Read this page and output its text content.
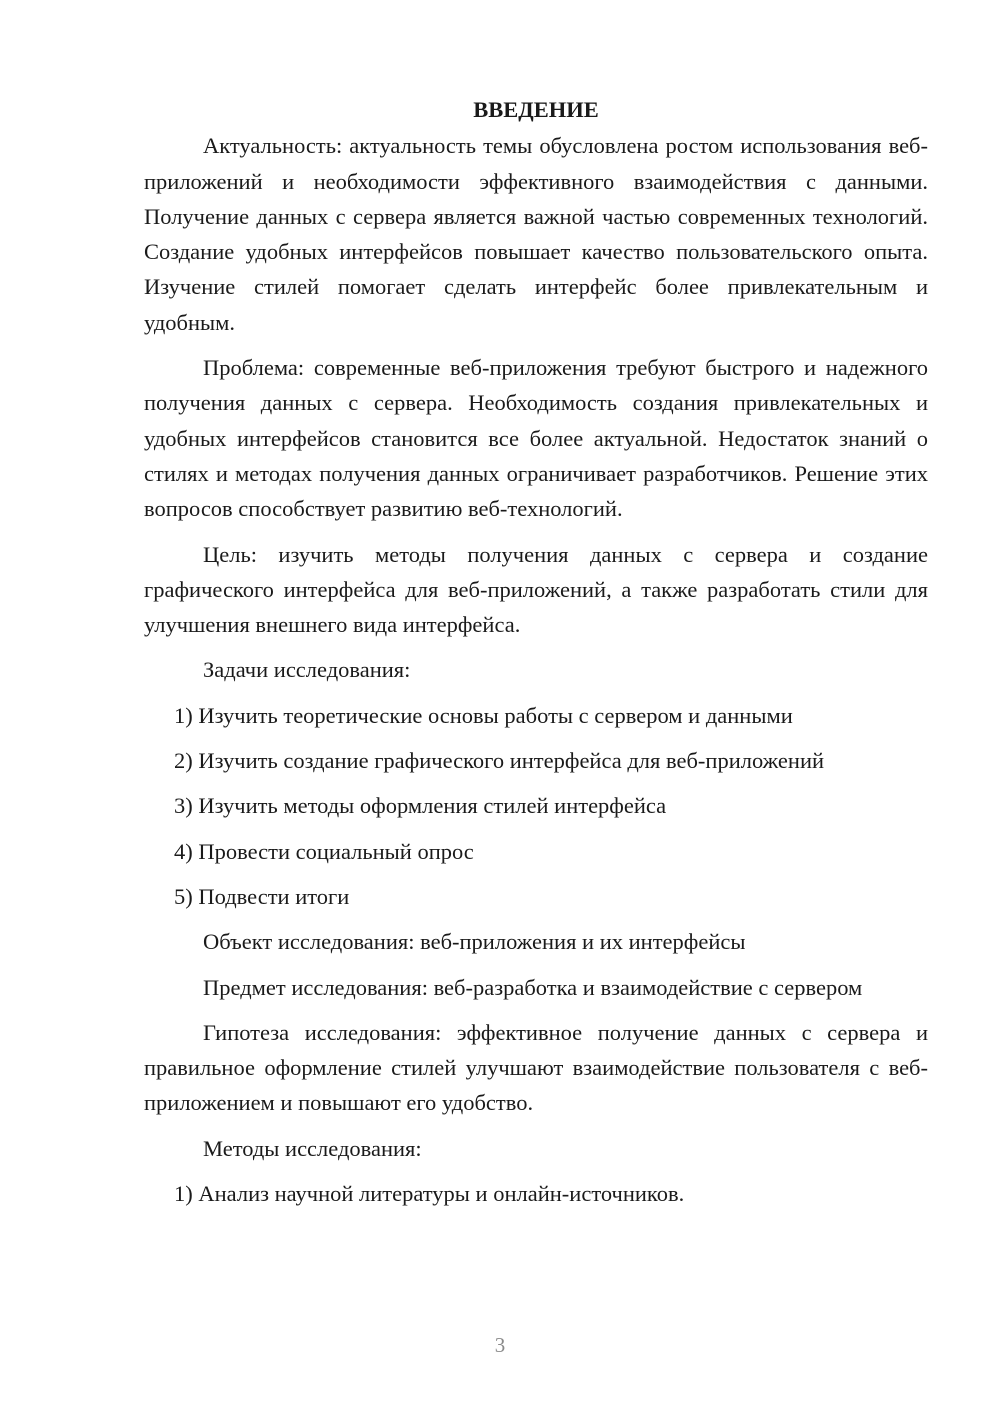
ВВЕДЕНИЕ

Актуальность: актуальность темы обусловлена ростом использования веб-приложений и необходимости эффективного взаимодействия с данными. Получение данных с сервера является важной частью современных технологий. Создание удобных интерфейсов повышает качество пользовательского опыта. Изучение стилей помогает сделать интерфейс более привлекательным и удобным.

Проблема: современные веб-приложения требуют быстрого и надежного получения данных с сервера. Необходимость создания привлекательных и удобных интерфейсов становится все более актуальной. Недостаток знаний о стилях и методах получения данных ограничивает разработчиков. Решение этих вопросов способствует развитию веб-технологий.

Цель: изучить методы получения данных с сервера и создание графического интерфейса для веб-приложений, а также разработать стили для улучшения внешнего вида интерфейса.

Задачи исследования:
1) Изучить теоретические основы работы с сервером и данными
2) Изучить создание графического интерфейса для веб-приложений
3) Изучить методы оформления стилей интерфейса
4) Провести социальный опрос
5) Подвести итоги
Объект исследования: веб-приложения и их интерфейсы

Предмет исследования: веб-разработка и взаимодействие с сервером

Гипотеза исследования: эффективное получение данных с сервера и правильное оформление стилей улучшают взаимодействие пользователя с веб-приложением и повышают его удобство.

Методы исследования:
1) Анализ научной литературы и онлайн-источников.
3
